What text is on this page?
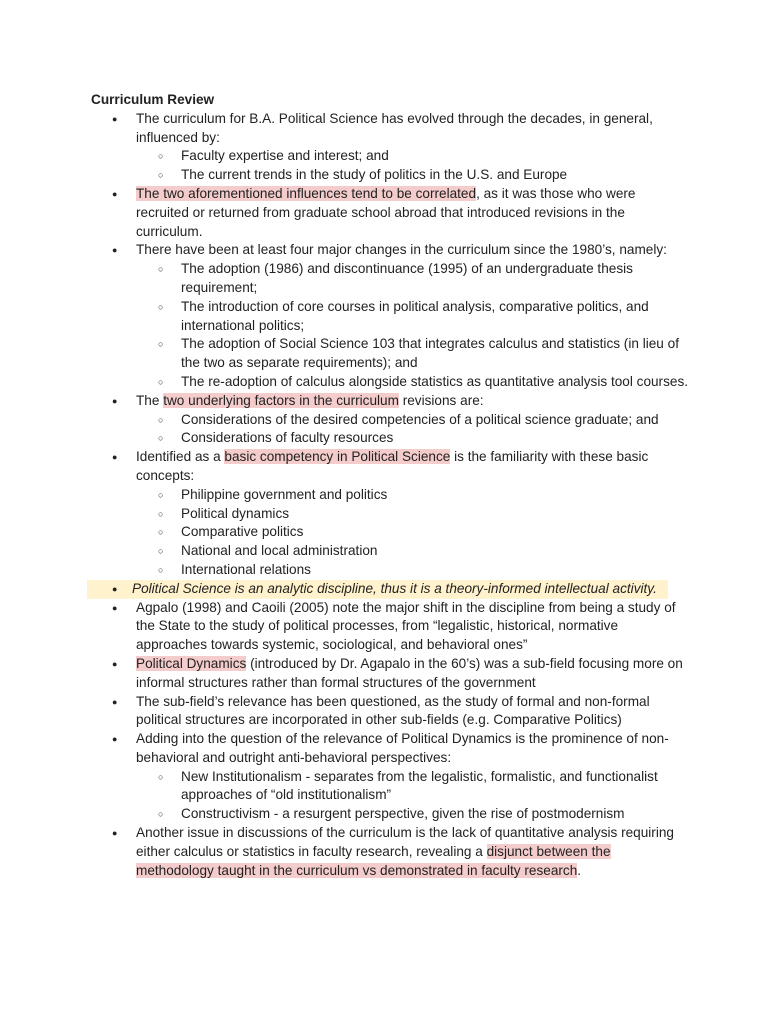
Curriculum Review

● The curriculum for B.A. Political Science has evolved through the decades, in general, influenced by:
○ Faculty expertise and interest; and
○ The current trends in the study of politics in the U.S. and Europe
● The two aforementioned influences tend to be correlated, as it was those who were recruited or returned from graduate school abroad that introduced revisions in the curriculum.
● There have been at least four major changes in the curriculum since the 1980’s, namely:
○ The adoption (1986) and discontinuance (1995) of an undergraduate thesis requirement;
○ The introduction of core courses in political analysis, comparative politics, and international politics;
○ The adoption of Social Science 103 that integrates calculus and statistics (in lieu of the two as separate requirements); and
○ The re-adoption of calculus alongside statistics as quantitative analysis tool courses.
● The two underlying factors in the curriculum revisions are:
○ Considerations of the desired competencies of a political science graduate; and
○ Considerations of faculty resources
● Identified as a basic competency in Political Science is the familiarity with these basic concepts:
○ Philippine government and politics
○ Political dynamics
○ Comparative politics
○ National and local administration
○ International relations
● Political Science is an analytic discipline, thus it is a theory-informed intellectual activity.
● Agpalo (1998) and Caoili (2005) note the major shift in the discipline from being a study of the State to the study of political processes, from “legalistic, historical, normative approaches towards systemic, sociological, and behavioral ones”
● Political Dynamics (introduced by Dr. Agapalo in the 60’s) was a sub-field focusing more on informal structures rather than formal structures of the government
● The sub-field’s relevance has been questioned, as the study of formal and non-formal political structures are incorporated in other sub-fields (e.g. Comparative Politics)
● Adding into the question of the relevance of Political Dynamics is the prominence of non-behavioral and outright anti-behavioral perspectives:
○ New Institutionalism - separates from the legalistic, formalistic, and functionalist approaches of “old institutionalism”
○ Constructivism - a resurgent perspective, given the rise of postmodernism
● Another issue in discussions of the curriculum is the lack of quantitative analysis requiring either calculus or statistics in faculty research, revealing a disjunct between the methodology taught in the curriculum vs demonstrated in faculty research.
